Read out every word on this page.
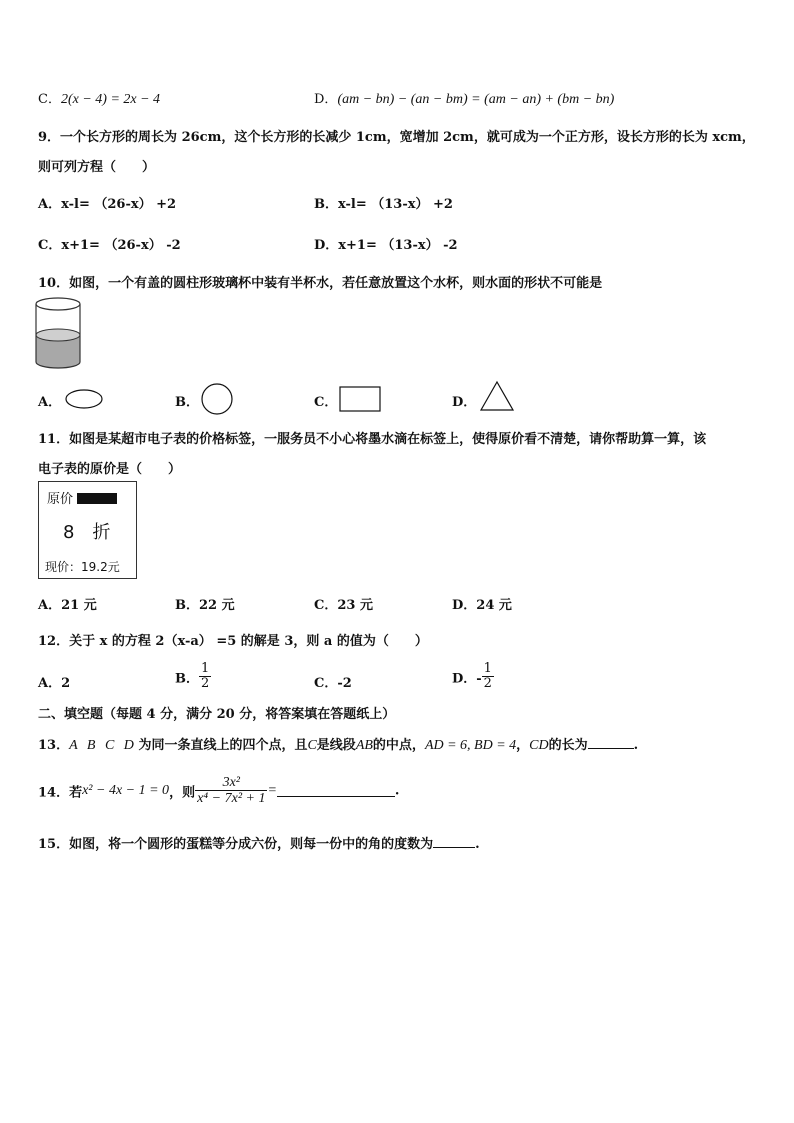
C．2(x − 4) = 2x − 4	D．(am − bn) − (an − bm) = (am − an) + (bm − bn)
9．一个长方形的周长为 26cm，这个长方形的长减少 1cm，宽增加 2cm，就可成为一个正方形，设长方形的长为 xcm，
则可列方程（　　）
A．x-l= （26-x） +2	B．x-l= （13-x） +2
C．x+1= （26-x） -2	D．x+1= （13-x） -2
10．如图，一个有盖的圆柱形玻璃杯中装有半杯水，若任意放置这个水杯，则水面的形状不可能是
A．	B．	C．	D．
11．如图是某超市电子表的价格标签，一服务员不小心将墨水滴在标签上，使得原价看不清楚，请你帮助算一算，该
电子表的原价是（　　）
原价
8　折
现价：19.2元
A．21 元	B．22 元	C．23 元	D．24 元
12．关于 x 的方程 2（x-a） =5 的解是 3，则 a 的值为（　　）
A．2	B． $\frac{1}{2}$	C．-2	D．- $\frac{1}{2}$
二、填空题（每题 4 分，满分 20 分，将答案填在答题纸上）
13．A B C D 为同一条直线上的四个点，且C是线段AB的中点，AD = 6, BD = 4，CD的长为	.
14．若x² − 4x − 1 = 0，则 $\frac{\text{3x²}}{\text{x⁴ − 7x² + 1}}$ =	.
15．如图，将一个圆形的蛋糕等分成六份，则每一份中的角的度数为	.
